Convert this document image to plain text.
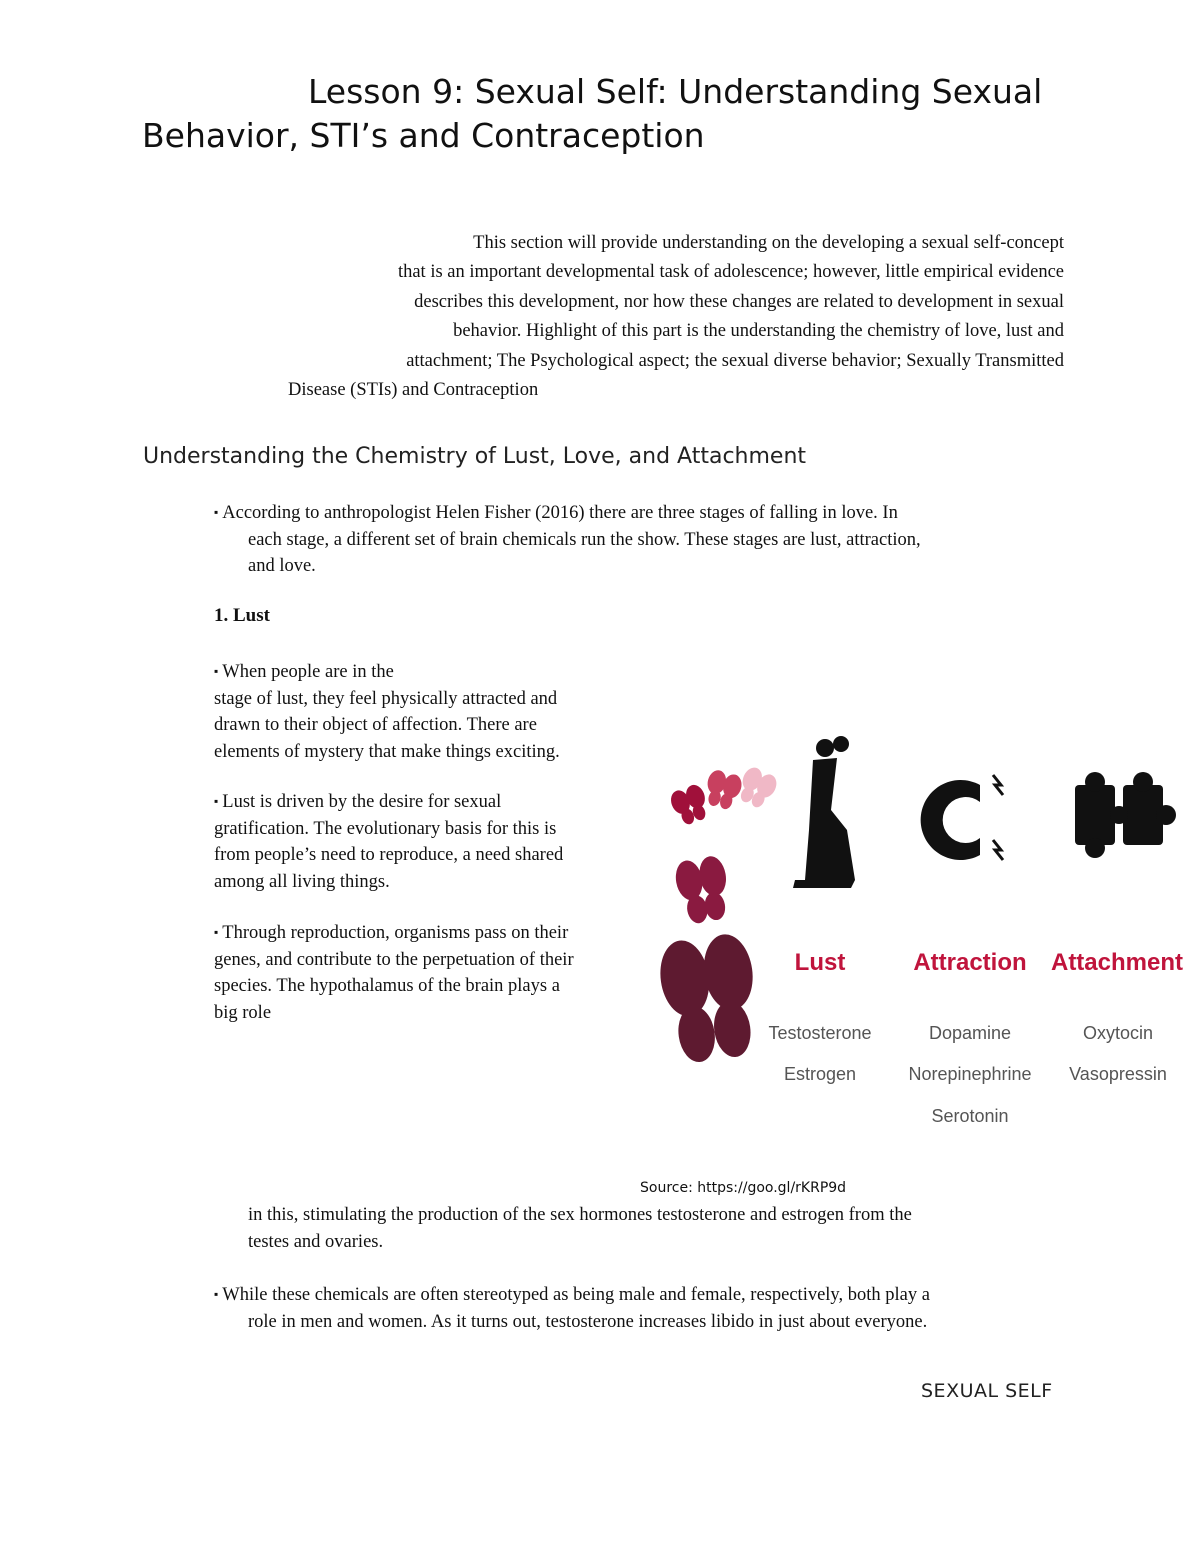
Lesson 9: Sexual Self: Understanding Sexual
Behavior, STI’s and Contraception
This section will provide understanding on the developing a sexual self-concept
that is an important developmental task of adolescence; however, little empirical evidence
describes this development, nor how these changes are related to development in sexual
behavior. Highlight of this part is the understanding the chemistry of love, lust and
attachment; The Psychological aspect; the sexual diverse behavior; Sexually Transmitted
Disease (STIs) and Contraception
Understanding the Chemistry of Lust, Love, and Attachment
▪ According to anthropologist Helen Fisher (2016) there are three stages of falling in love. In
each stage, a different set of brain chemicals run the show. These stages are lust, attraction,
and love.
1. Lust
▪ When people are in the
stage of lust, they feel physically attracted and
drawn to their object of affection. There are
elements of mystery that make things exciting.
▪ Lust is driven by the desire for sexual
gratification. The evolutionary basis for this is
from people’s need to reproduce, a need shared
among all living things.
▪ Through reproduction, organisms pass on their
genes, and contribute to the perpetuation of their
species. The hypothalamus of the brain plays a
big role
Lust	Attraction Attachment
Testosterone
Estrogen
Dopamine
Norepinephrine
Serotonin
Oxytocin
Vasopressin
Source: https://goo.gl/rKRP9d
in this, stimulating the production of the sex hormones testosterone and estrogen from the
testes and ovaries.
▪ While these chemicals are often stereotyped as being male and female, respectively, both play a
role in men and women. As it turns out, testosterone increases libido in just about everyone.
SEXUAL SELF
